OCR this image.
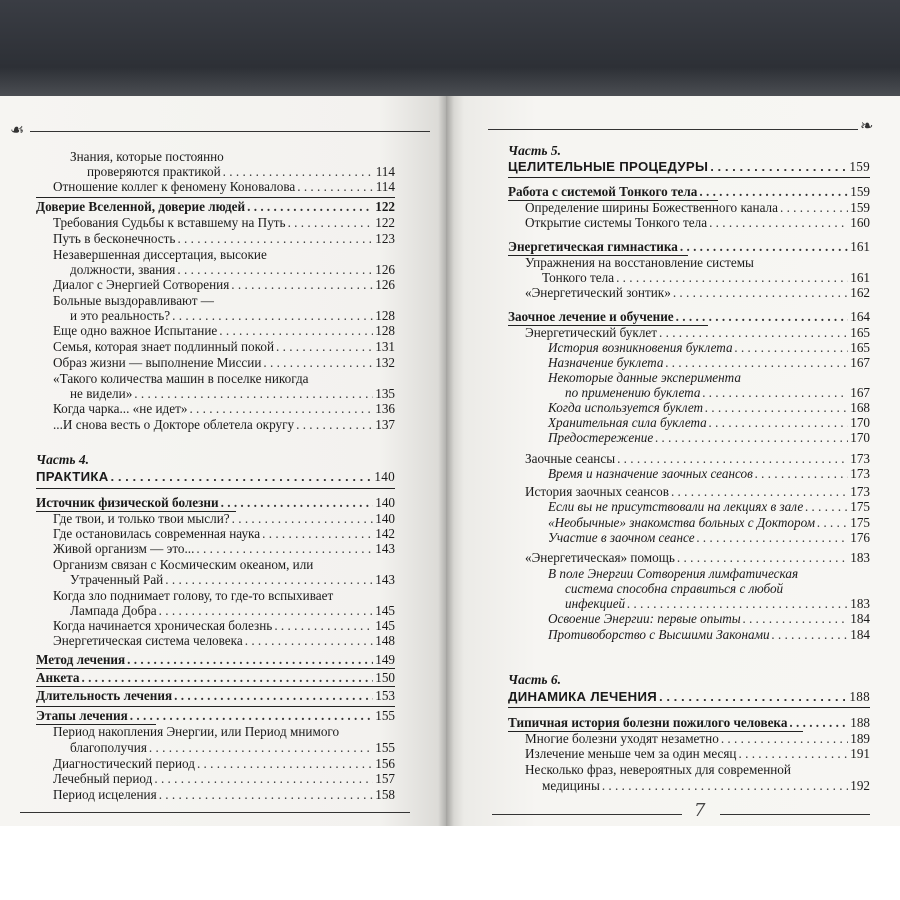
☙	❧
7
Знания, которые постоянно
проверяются практикой . . .	114
Отношение коллег к феномену Коновалова . . .	114
Доверие Вселенной, доверие людей . . .	122
Требования Судьбы к вставшему на Путь . . .	122
Путь в бесконечность . . .	123
Незавершенная диссертация, высокие
должности, звания . . .	126
Диалог с Энергией Сотворения . . .	126
Больные выздоравливают —
и это реальность? . . .	128
Еще одно важное Испытание . . .	128
Семья, которая знает подлинный покой . . .	131
Образ жизни — выполнение Миссии . . .	132
«Такого количества машин в поселке никогда
не видели» . . .	135
Когда чарка... «не идет» . . .	136
...И снова весть о Докторе облетела округу . . .	137
Часть 4.
ПРАКТИКА . . .	140
Источник физической болезни . . .	140
Где твои, и только твои мысли? . . .	140
Где остановилась современная наука . . .	142
Живой организм — это... . . .	143
Организм связан с Космическим океаном, или
Утраченный Рай . . .	143
Когда зло поднимает голову, то где-то вспыхивает
Лампада Добра . . .	145
Когда начинается хроническая болезнь . . .	145
Энергетическая система человека . . .	148
Метод лечения . . .	149
Анкета . . .	150
Длительность лечения . . .	153
Этапы лечения . . .	155
Период накопления Энергии, или Период мнимого
благополучия . . .	155
Диагностический период . . .	156
Лечебный период . . .	157
Период исцеления . . .	158
Часть 5.
ЦЕЛИТЕЛЬНЫЕ ПРОЦЕДУРЫ . . .	159
Работа с системой Тонкого тела . . .	159
Определение ширины Божественного канала . . .	159
Открытие системы Тонкого тела . . .	160
Энергетическая гимнастика . . .	161
Упражнения на восстановление системы
Тонкого тела . . .	161
«Энергетический зонтик» . . .	162
Заочное лечение и обучение . . .	164
Энергетический буклет . . .	165
История возникновения буклета . . .	165
Назначение буклета . . .	167
Некоторые данные эксперимента
по применению буклета . . .	167
Когда используется буклет . . .	168
Хранительная сила буклета . . .	170
Предостережение . . .	170
Заочные сеансы . . .	173
Время и назначение заочных сеансов . . .	173
История заочных сеансов . . .	173
Если вы не присутствовали на лекциях в зале . . .	175
«Необычные» знакомства больных с Доктором . . .	175
Участие в заочном сеансе . . .	176
«Энергетическая» помощь . . .	183
В поле Энергии Сотворения лимфатическая
система способна справиться с любой
инфекцией . . .	183
Освоение Энергии: первые опыты . . .	184
Противоборство с Высшими Законами . . .	184
Часть 6.
ДИНАМИКА ЛЕЧЕНИЯ . . .	188
Типичная история болезни пожилого человека . . .	188
Многие болезни уходят незаметно . . .	189
Излечение меньше чем за один месяц . . .	191
Несколько фраз, невероятных для современной
медицины . . .	192
